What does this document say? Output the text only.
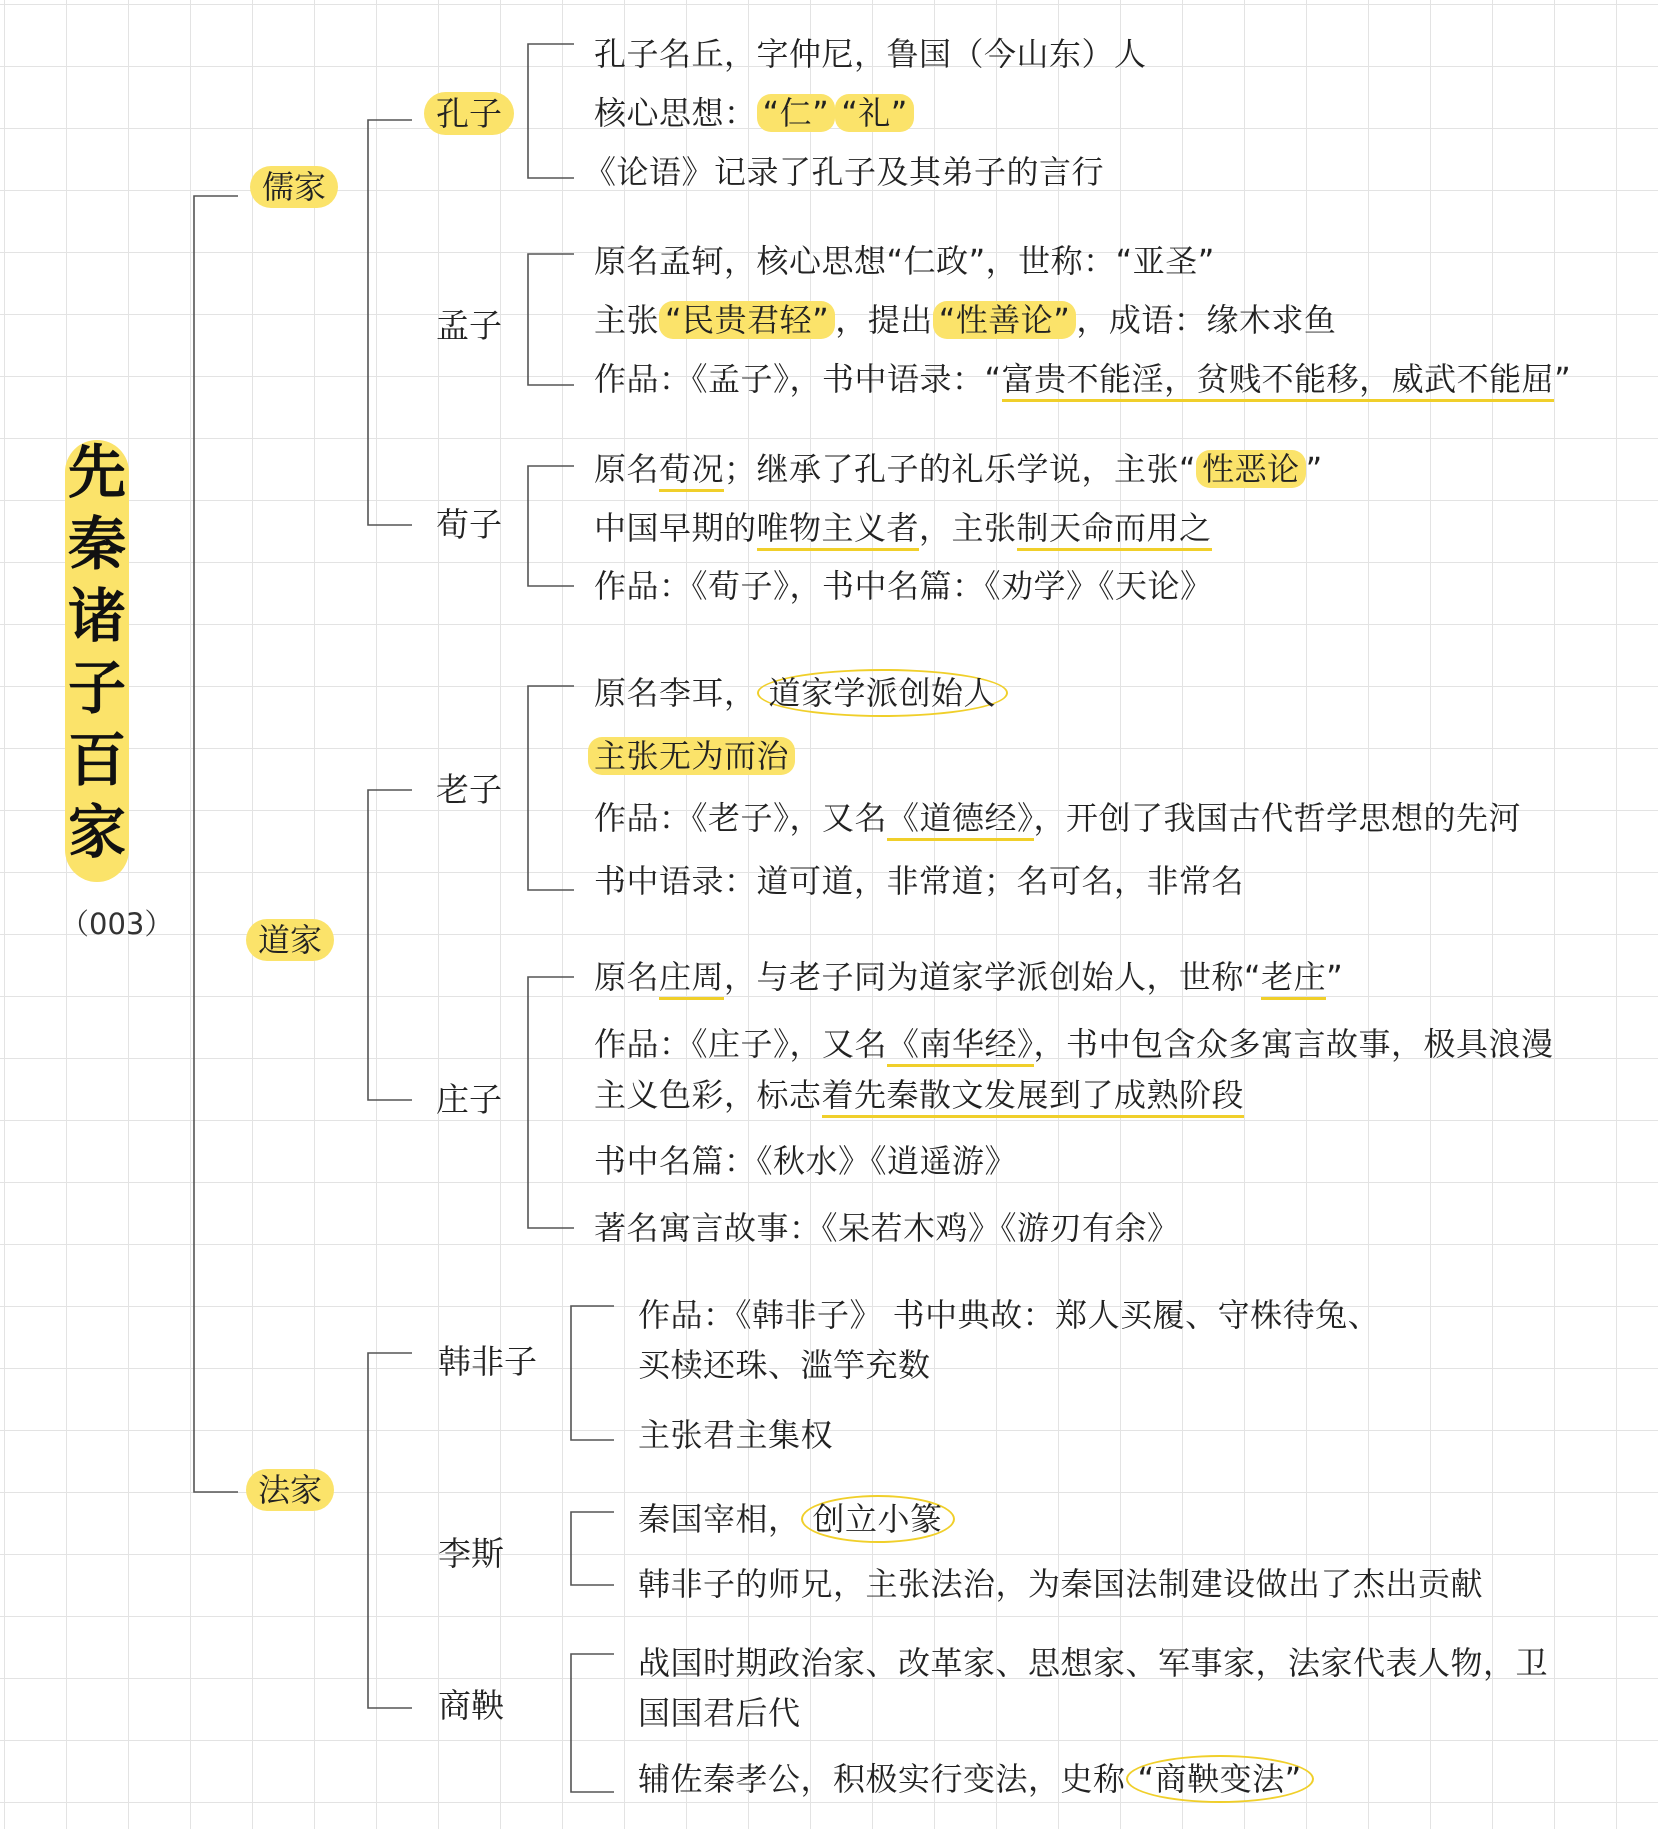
先
秦
诸
子
百
家
（003）
儒家
道家
法家
孔子
孟子
荀子
老子
庄子
韩非子
李斯
商鞅
孔子名丘，字仲尼，鲁国（今山东）人
核心思想： “仁” “礼”
《论语》记录了孔子及其弟子的言行
原名孟轲，核心思想“仁政”，世称：“亚圣”
主张 “民贵君轻” ，提出 “性善论” ，成语：缘木求鱼
作品：《孟子》，书中语录：“富贵不能淫，贫贱不能移，威武不能屈”
原名荀况；继承了孔子的礼乐学说，主张“ 性恶论 ”
中国早期的唯物主义者，主张制天命而用之
作品：《荀子》，书中名篇：《劝学》《天论》
原名李耳， 道家学派创始人
主张无为而治
作品：《老子》，又名《道德经》，开创了我国古代哲学思想的先河
书中语录：道可道，非常道；名可名，非常名
原名庄周，与老子同为道家学派创始人，世称“老庄”
作品：《庄子》，又名《南华经》，书中包含众多寓言故事，极具浪漫
主义色彩，标志着先秦散文发展到了成熟阶段
书中名篇：《秋水》《逍遥游》
著名寓言故事：《呆若木鸡》《游刃有余》
作品：《韩非子》 书中典故：郑人买履、守株待兔、
买椟还珠、滥竽充数
主张君主集权
秦国宰相， 创立小篆
韩非子的师兄，主张法治，为秦国法制建设做出了杰出贡献
战国时期政治家、改革家、思想家、军事家，法家代表人物，卫
国国君后代
辅佐秦孝公，积极实行变法，史称 “商鞅变法”
